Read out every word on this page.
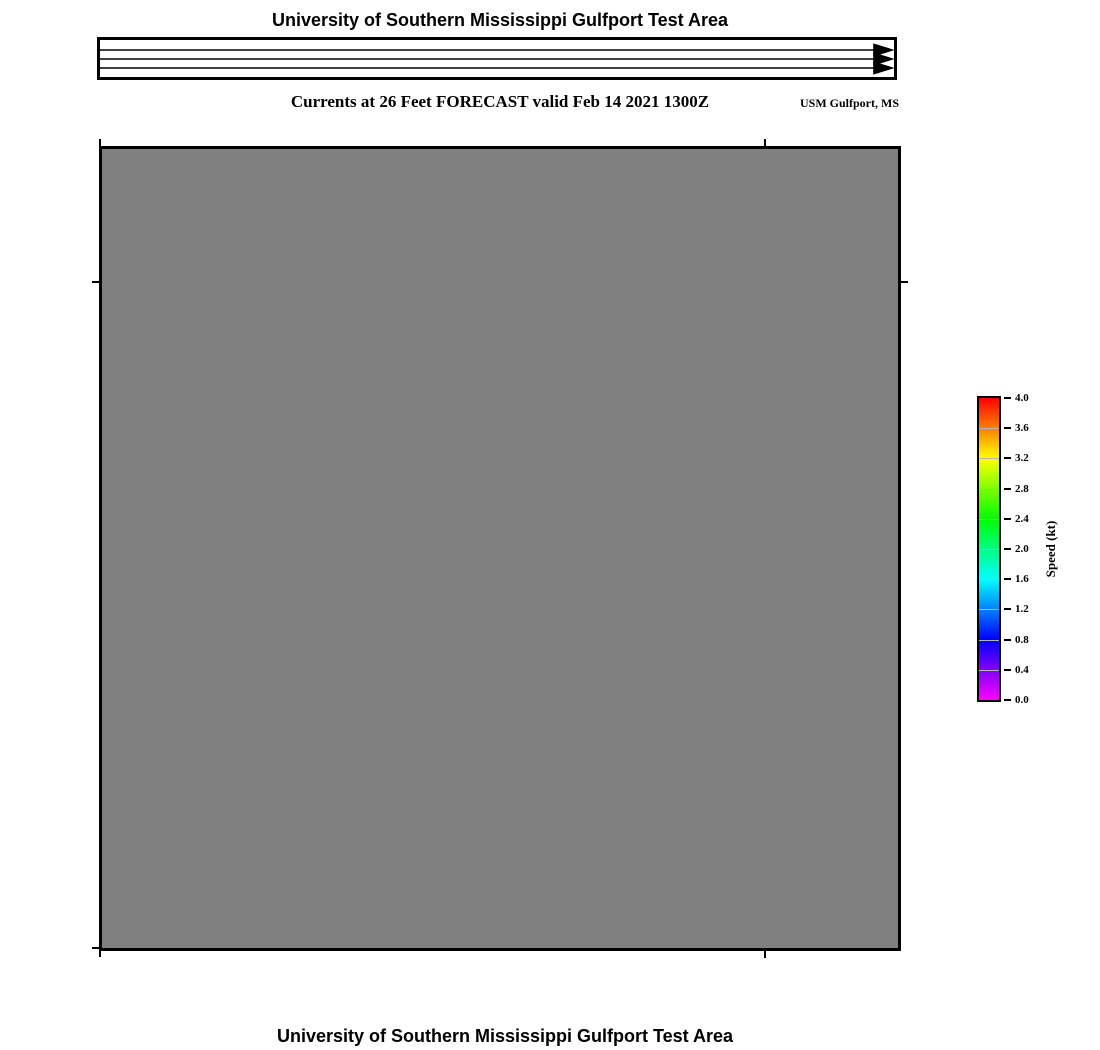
University of Southern Mississippi Gulfport Test Area
Currents at 26 Feet FORECAST valid Feb 14 2021 1300Z	USM Gulfport, MS
4.0
3.6
3.2
2.8
2.4
2.0
1.6
1.2
0.8
0.4
0.0
Speed (kt)
University of Southern Mississippi Gulfport Test Area
